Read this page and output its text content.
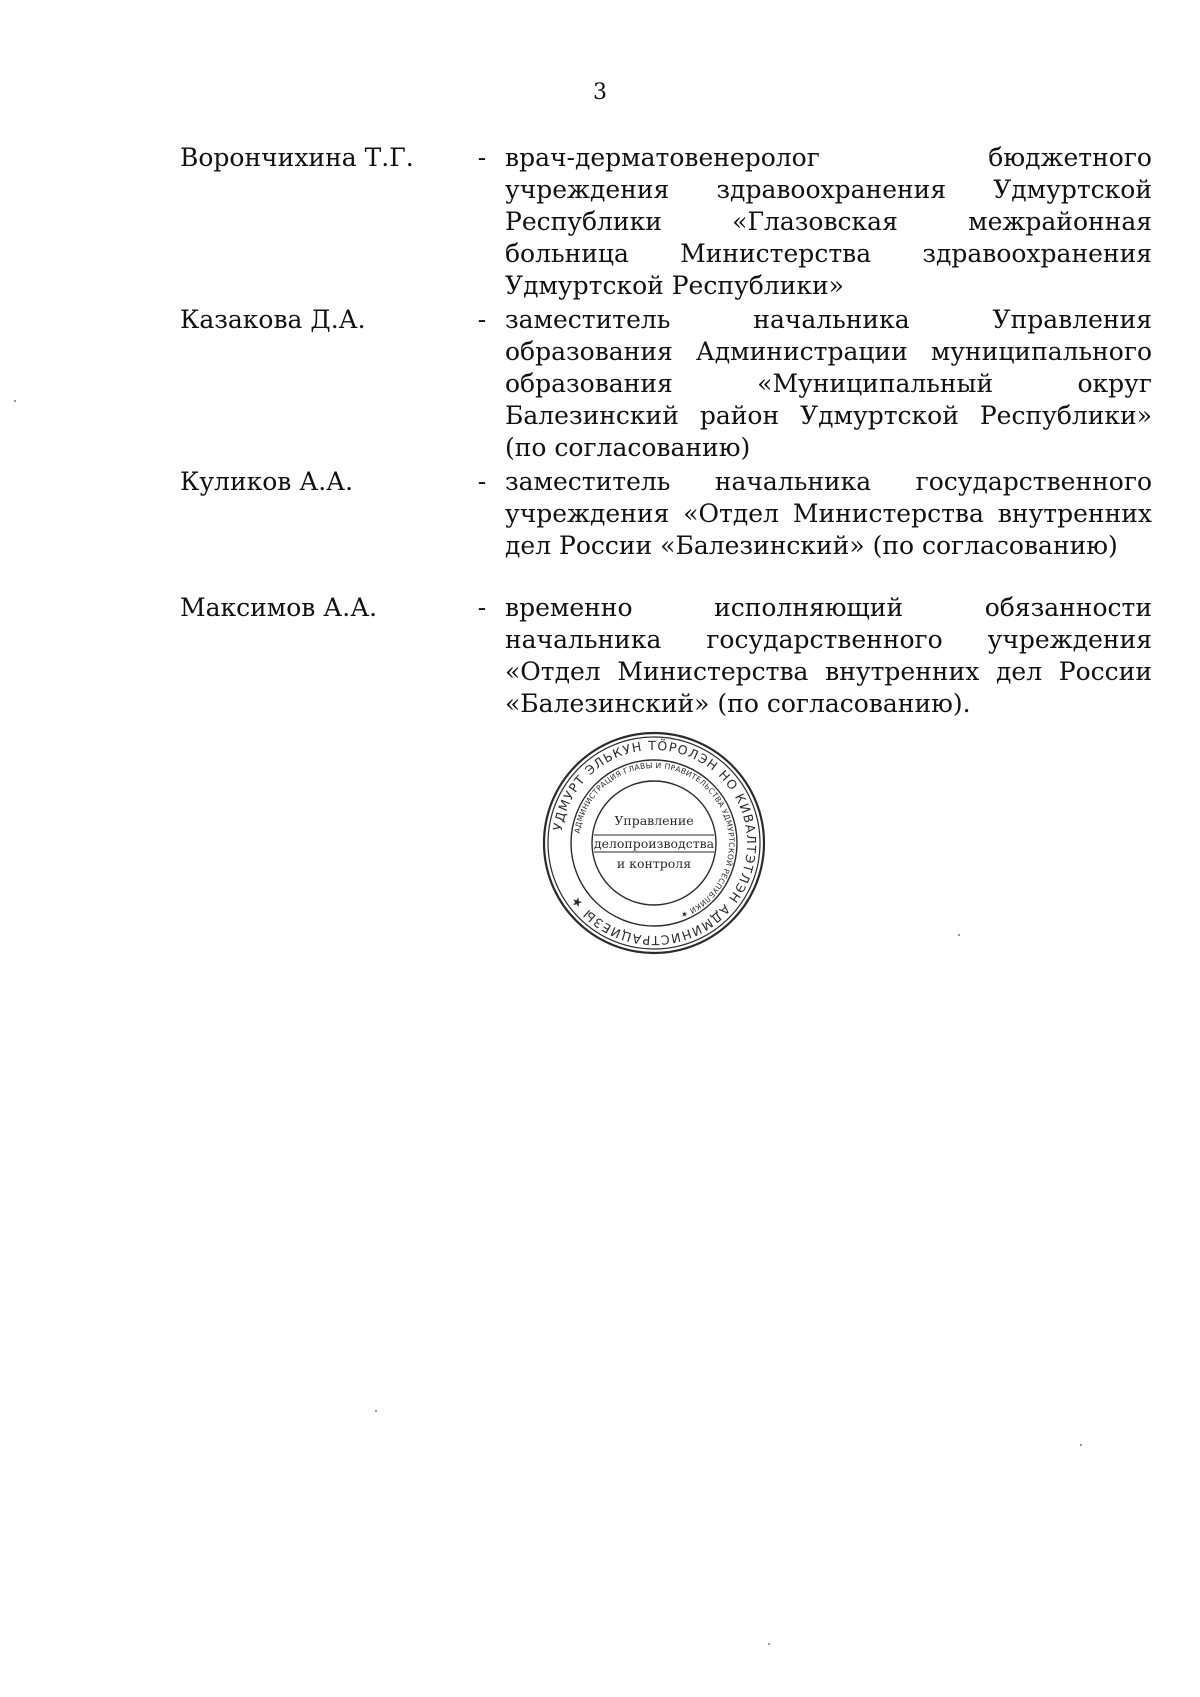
3
Ворончихина Т.Г.	- врач-дерматовенеролог бюджетного учреждения здравоохранения Удмуртской Республики «Глазовская межрайонная больница Министерства здравоохранения Удмуртской Республики»
Казакова Д.А.	- заместитель начальника Управления образования Администрации муниципального образования «Муниципальный округ Балезинский район Удмуртской Республики» (по согласованию)
Куликов А.А.	- заместитель начальника государственного учреждения «Отдел Министерства внутренних дел России «Балезинский» (по согласованию)
Максимов А.А.	- временно исполняющий обязанности начальника государственного учреждения «Отдел Министерства внутренних дел России «Балезинский» (по согласованию).
УДМУРТ ЭЛЬКУН ТӦРОЛЭН НО КИВАЛТЭТЛЭН АДМИНИСТРАЦИЕЗЫ ★
АДМИНИСТРАЦИЯ ГЛАВЫ И ПРАВИТЕЛЬСТВА УДМУРТСКОЙ РЕСПУБЛИКИ ★
Управление
делопроизводства
и контроля
